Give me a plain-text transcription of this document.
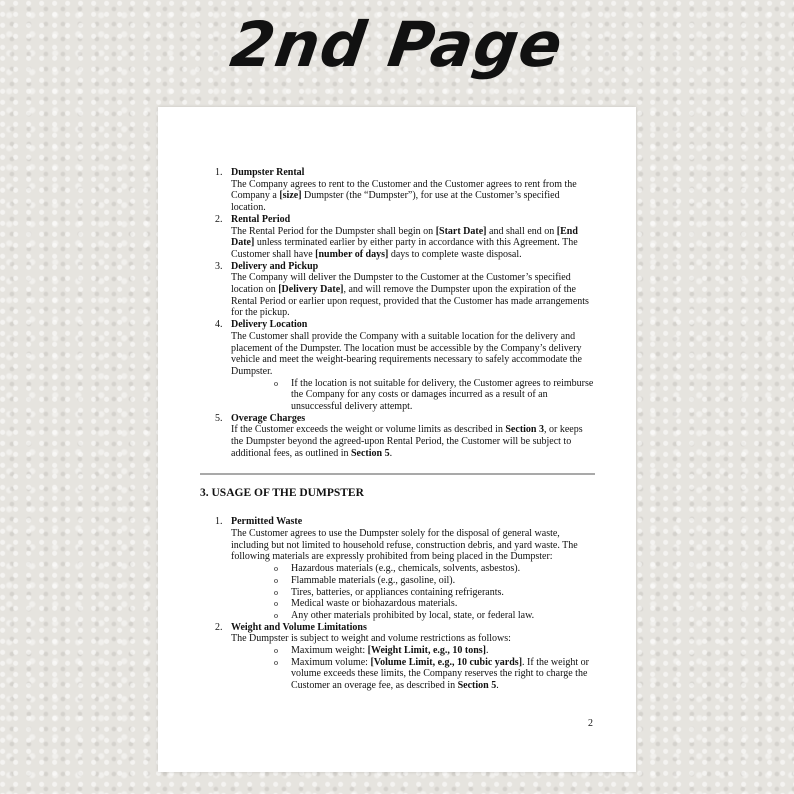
2nd Page
1. Dumpster Rental
The Company agrees to rent to the Customer and the Customer agrees to rent from the Company a [size] Dumpster (the “Dumpster”), for use at the Customer’s specified location.
2. Rental Period
The Rental Period for the Dumpster shall begin on [Start Date] and shall end on [End Date] unless terminated earlier by either party in accordance with this Agreement. The Customer shall have [number of days] days to complete waste disposal.
3. Delivery and Pickup
The Company will deliver the Dumpster to the Customer at the Customer’s specified location on [Delivery Date], and will remove the Dumpster upon the expiration of the Rental Period or earlier upon request, provided that the Customer has made arrangements for the pickup.
4. Delivery Location
The Customer shall provide the Company with a suitable location for the delivery and placement of the Dumpster. The location must be accessible by the Company’s delivery vehicle and meet the weight-bearing requirements necessary to safely accommodate the Dumpster.
o If the location is not suitable for delivery, the Customer agrees to reimburse the Company for any costs or damages incurred as a result of an unsuccessful delivery attempt.
5. Overage Charges
If the Customer exceeds the weight or volume limits as described in Section 3, or keeps the Dumpster beyond the agreed-upon Rental Period, the Customer will be subject to additional fees, as outlined in Section 5.
3. USAGE OF THE DUMPSTER
1. Permitted Waste
The Customer agrees to use the Dumpster solely for the disposal of general waste, including but not limited to household refuse, construction debris, and yard waste. The following materials are expressly prohibited from being placed in the Dumpster:
o Hazardous materials (e.g., chemicals, solvents, asbestos).
o Flammable materials (e.g., gasoline, oil).
o Tires, batteries, or appliances containing refrigerants.
o Medical waste or biohazardous materials.
o Any other materials prohibited by local, state, or federal law.
2. Weight and Volume Limitations
The Dumpster is subject to weight and volume restrictions as follows:
o Maximum weight: [Weight Limit, e.g., 10 tons].
o Maximum volume: [Volume Limit, e.g., 10 cubic yards]. If the weight or volume exceeds these limits, the Company reserves the right to charge the Customer an overage fee, as described in Section 5.
2
